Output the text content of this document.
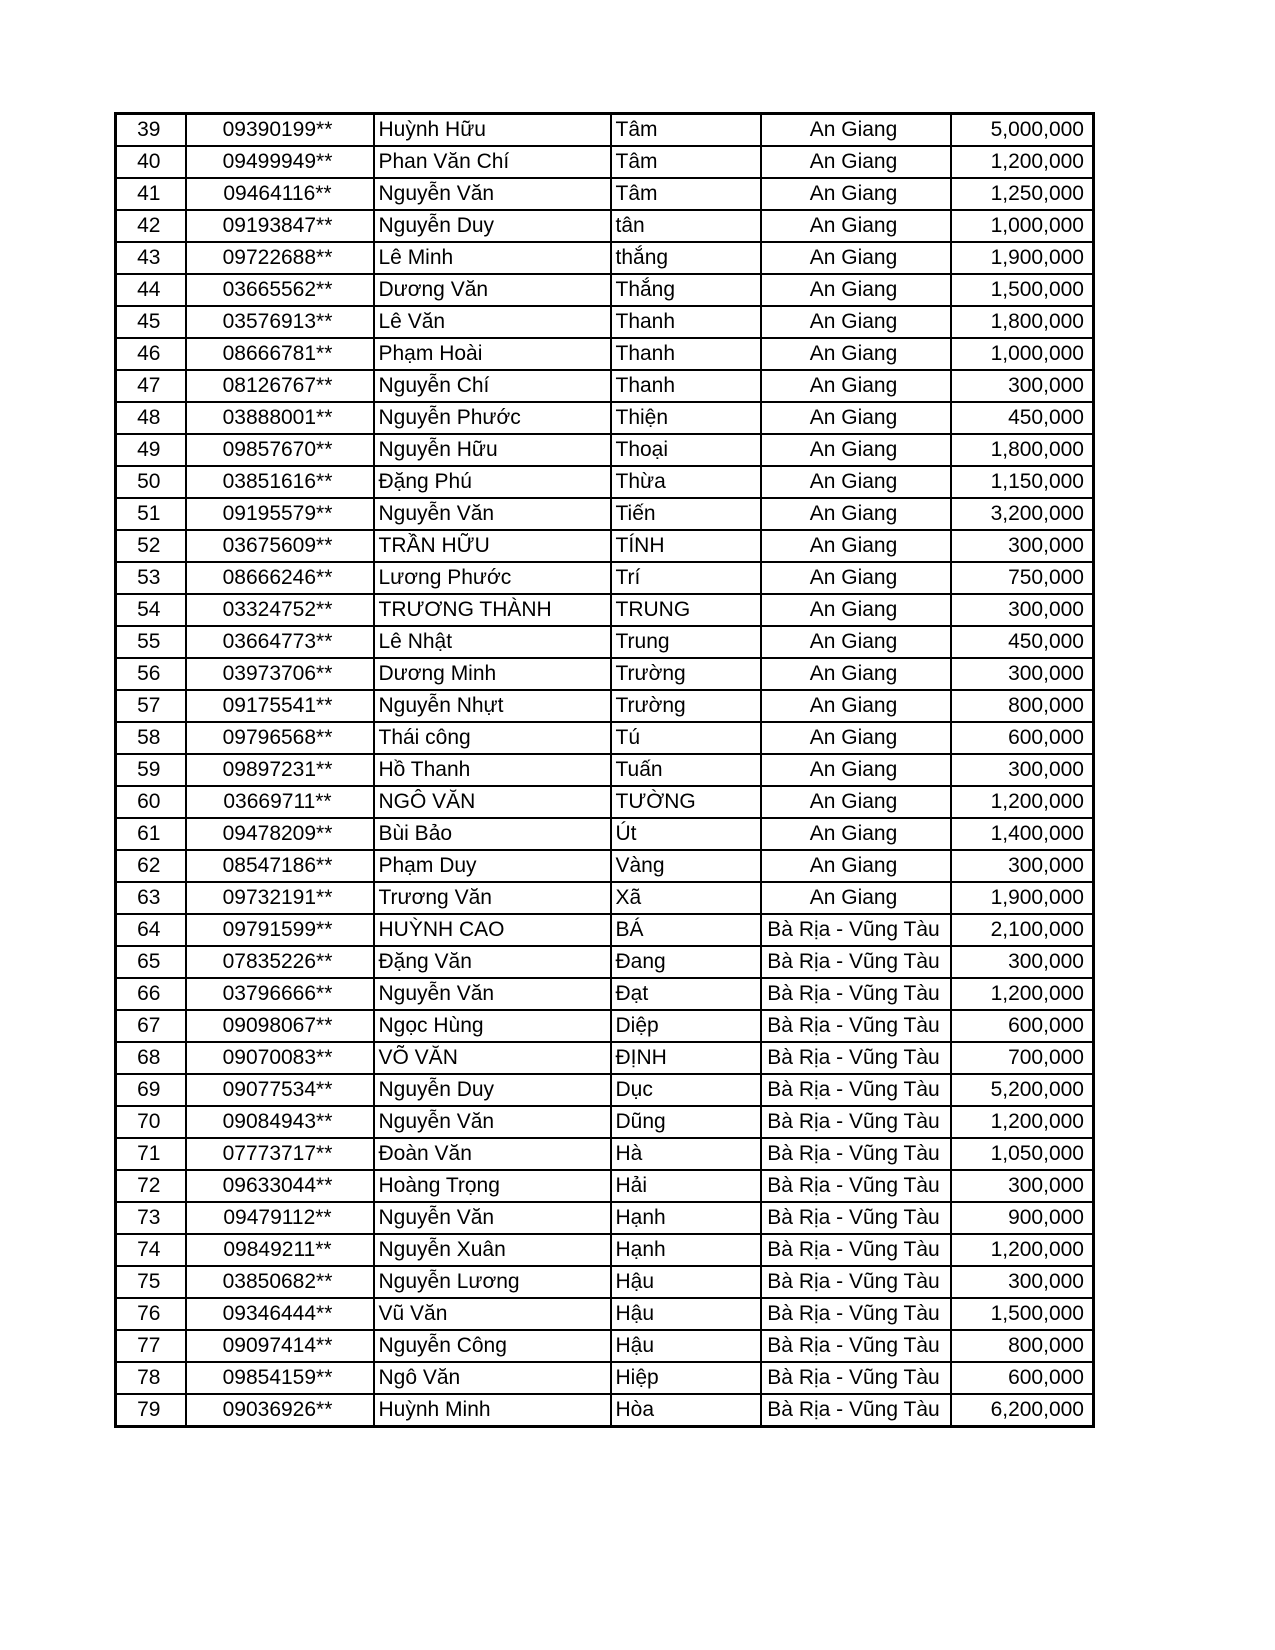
39	09390199**	Huỳnh Hữu	Tâm	An Giang	5,000,000
40	09499949**	Phan Văn Chí	Tâm	An Giang	1,200,000
41	09464116**	Nguyễn Văn	Tâm	An Giang	1,250,000
42	09193847**	Nguyễn Duy	tân	An Giang	1,000,000
43	09722688**	Lê Minh	thắng	An Giang	1,900,000
44	03665562**	Dương Văn	Thắng	An Giang	1,500,000
45	03576913**	Lê Văn	Thanh	An Giang	1,800,000
46	08666781**	Phạm Hoài	Thanh	An Giang	1,000,000
47	08126767**	Nguyễn Chí	Thanh	An Giang	300,000
48	03888001**	Nguyễn Phước	Thiện	An Giang	450,000
49	09857670**	Nguyễn Hữu	Thoại	An Giang	1,800,000
50	03851616**	Đặng Phú	Thừa	An Giang	1,150,000
51	09195579**	Nguyễn Văn	Tiến	An Giang	3,200,000
52	03675609**	TRẦN HỮU	TÍNH	An Giang	300,000
53	08666246**	Lương Phước	Trí	An Giang	750,000
54	03324752**	TRƯƠNG THÀNH	TRUNG	An Giang	300,000
55	03664773**	Lê Nhật	Trung	An Giang	450,000
56	03973706**	Dương Minh	Trường	An Giang	300,000
57	09175541**	Nguyễn Nhựt	Trường	An Giang	800,000
58	09796568**	Thái công	Tú	An Giang	600,000
59	09897231**	Hồ Thanh	Tuấn	An Giang	300,000
60	03669711**	NGÔ VĂN	TƯỜNG	An Giang	1,200,000
61	09478209**	Bùi Bảo	Út	An Giang	1,400,000
62	08547186**	Phạm Duy	Vàng	An Giang	300,000
63	09732191**	Trương Văn	Xã	An Giang	1,900,000
64	09791599**	HUỲNH CAO	BÁ	Bà Rịa - Vũng Tàu	2,100,000
65	07835226**	Đặng Văn	Đang	Bà Rịa - Vũng Tàu	300,000
66	03796666**	Nguyễn Văn	Đạt	Bà Rịa - Vũng Tàu	1,200,000
67	09098067**	Ngọc Hùng	Diệp	Bà Rịa - Vũng Tàu	600,000
68	09070083**	VÕ VĂN	ĐỊNH	Bà Rịa - Vũng Tàu	700,000
69	09077534**	Nguyễn Duy	Dục	Bà Rịa - Vũng Tàu	5,200,000
70	09084943**	Nguyễn Văn	Dũng	Bà Rịa - Vũng Tàu	1,200,000
71	07773717**	Đoàn Văn	Hà	Bà Rịa - Vũng Tàu	1,050,000
72	09633044**	Hoàng Trọng	Hải	Bà Rịa - Vũng Tàu	300,000
73	09479112**	Nguyễn Văn	Hạnh	Bà Rịa - Vũng Tàu	900,000
74	09849211**	Nguyễn Xuân	Hạnh	Bà Rịa - Vũng Tàu	1,200,000
75	03850682**	Nguyễn Lương	Hậu	Bà Rịa - Vũng Tàu	300,000
76	09346444**	Vũ Văn	Hậu	Bà Rịa - Vũng Tàu	1,500,000
77	09097414**	Nguyễn Công	Hậu	Bà Rịa - Vũng Tàu	800,000
78	09854159**	Ngô Văn	Hiệp	Bà Rịa - Vũng Tàu	600,000
79	09036926**	Huỳnh Minh	Hòa	Bà Rịa - Vũng Tàu	6,200,000
